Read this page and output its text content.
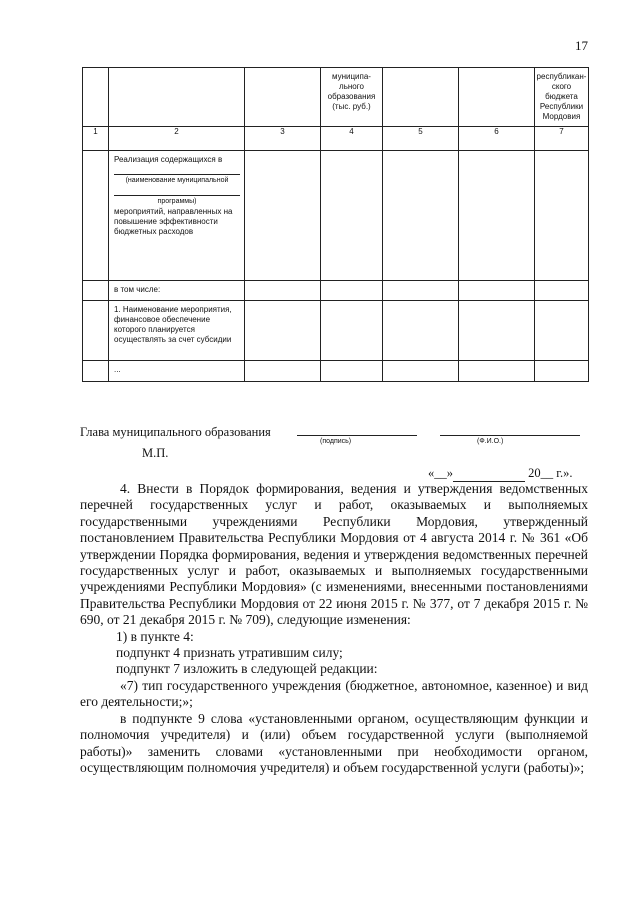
17
			муниципа-льного образования (тыс. руб.)			республикан-ского бюджета Республики Мордовия
1	2	3	4	5	6	7

	Реализация содержащихся в
(наименование муниципальной
программы)
мероприятий, направленных на повышение эффективности бюджетных расходов					

	в том числе:					
	1. Наименование мероприятия, финансовое обеспечение которого планируется осуществлять за счет субсидии					
	...					
Глава муниципального образования
(подпись)	(Ф.И.О.)
М.П.
«__»	20__ г.».

4. Внести в Порядок формирования, ведения и утверждения ведомственных перечней государственных услуг и работ, оказываемых и выполняемых государственными учреждениями Республики Мордовия, утвержденный постановлением Правительства Республики Мордовия от 4 августа 2014 г. № 361 «Об утверждении Порядка формирования, ведения и утверждения ведомственных перечней государственных услуг и работ, оказываемых и выполняемых государственными учреждениями Республики Мордовия» (с изменениями, внесенными постановлениями Правительства Республики Мордовия от 22 июня 2015 г. № 377, от 7 декабря 2015 г. № 690, от 21 декабря 2015 г. № 709), следующие изменения:

1) в пункте 4:

подпункт 4 признать утратившим силу;

подпункт 7 изложить в следующей редакции:

«7) тип государственного учреждения (бюджетное, автономное, казенное) и вид его деятельности;»;

в подпункте 9 слова «установленными органом, осуществляющим функции и полномочия учредителя) и (или) объем государственной услуги (выполняемой работы)» заменить словами «установленными при необходимости органом, осуществляющим полномочия учредителя) и объем государственной услуги (работы)»;
